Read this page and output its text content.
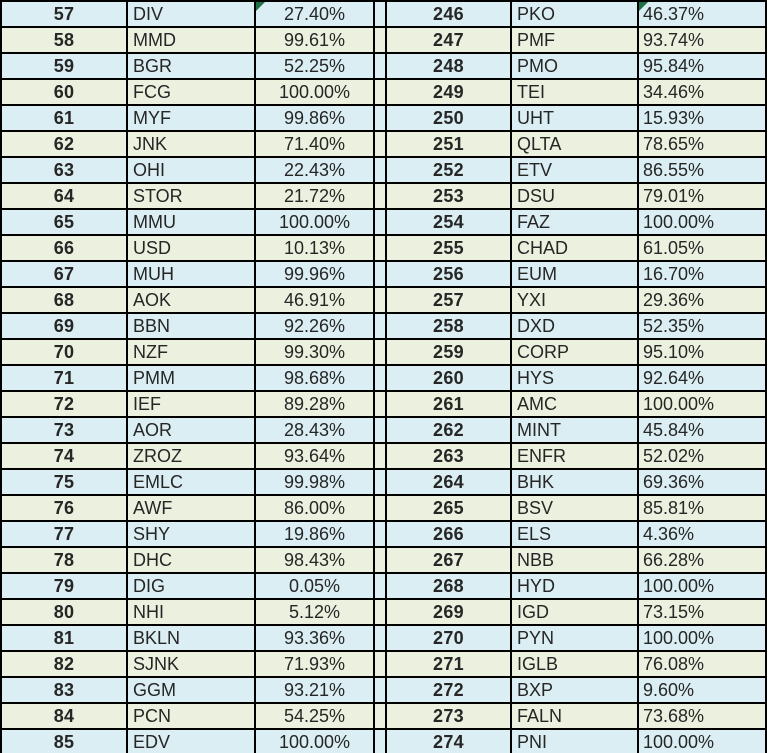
57	DIV	27.40%	246	PKO	46.37%
58	MMD	99.61%	247	PMF	93.74%
59	BGR	52.25%	248	PMO	95.84%
60	FCG	100.00%	249	TEI	34.46%
61	MYF	99.86%	250	UHT	15.93%
62	JNK	71.40%	251	QLTA	78.65%
63	OHI	22.43%	252	ETV	86.55%
64	STOR	21.72%	253	DSU	79.01%
65	MMU	100.00%	254	FAZ	100.00%
66	USD	10.13%	255	CHAD	61.05%
67	MUH	99.96%	256	EUM	16.70%
68	AOK	46.91%	257	YXI	29.36%
69	BBN	92.26%	258	DXD	52.35%
70	NZF	99.30%	259	CORP	95.10%
71	PMM	98.68%	260	HYS	92.64%
72	IEF	89.28%	261	AMC	100.00%
73	AOR	28.43%	262	MINT	45.84%
74	ZROZ	93.64%	263	ENFR	52.02%
75	EMLC	99.98%	264	BHK	69.36%
76	AWF	86.00%	265	BSV	85.81%
77	SHY	19.86%	266	ELS	4.36%
78	DHC	98.43%	267	NBB	66.28%
79	DIG	0.05%	268	HYD	100.00%
80	NHI	5.12%	269	IGD	73.15%
81	BKLN	93.36%	270	PYN	100.00%
82	SJNK	71.93%	271	IGLB	76.08%
83	GGM	93.21%	272	BXP	9.60%
84	PCN	54.25%	273	FALN	73.68%
85	EDV	100.00%	274	PNI	100.00%
